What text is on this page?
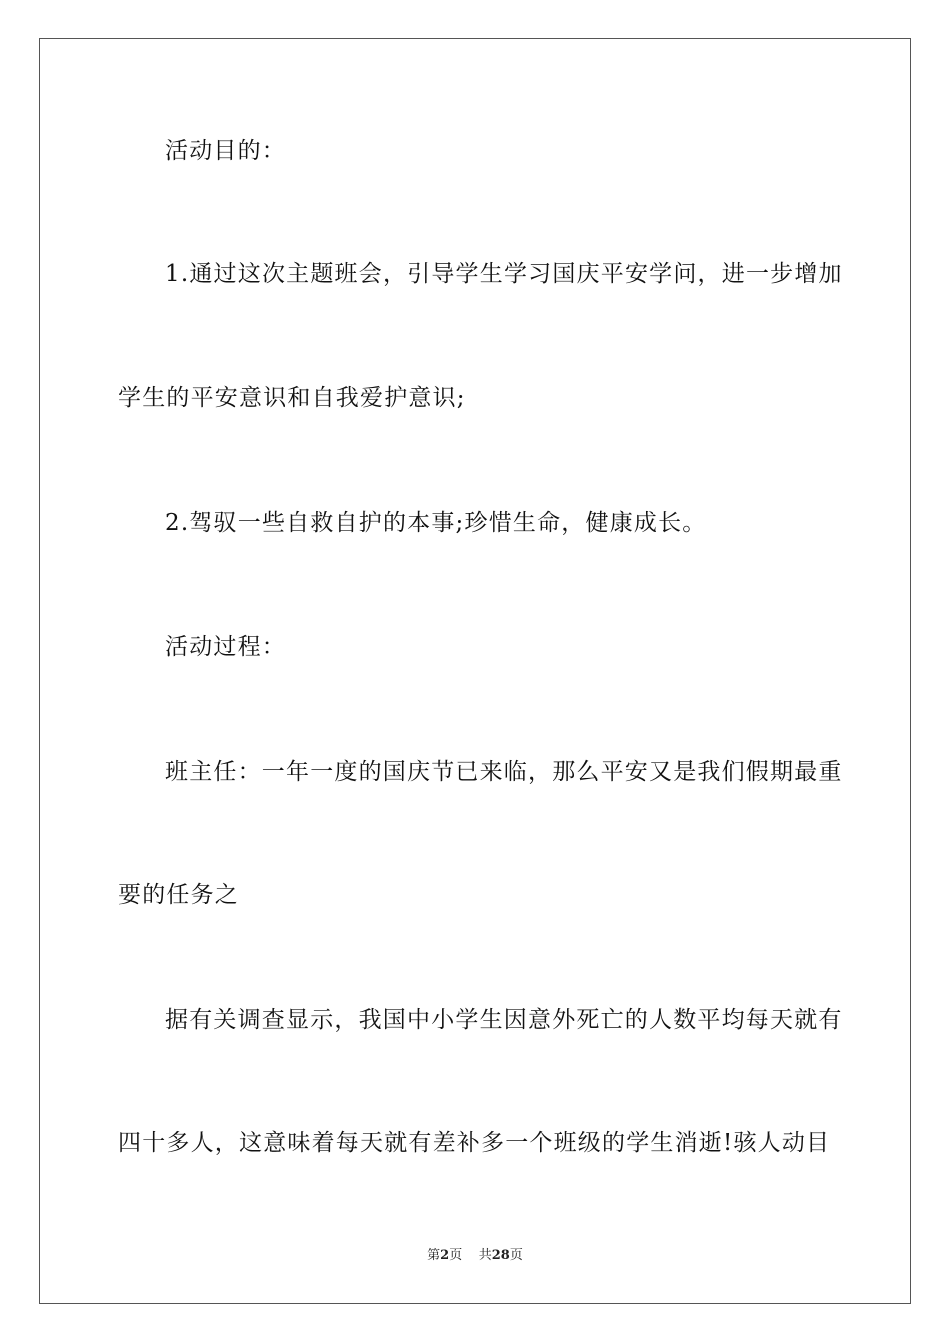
活动目的：
1.通过这次主题班会，引导学生学习国庆平安学问，进一步增加
学生的平安意识和自我爱护意识;
2.驾驭一些自救自护的本事;珍惜生命，健康成长。
活动过程：
班主任：一年一度的国庆节已来临，那么平安又是我们假期最重
要的任务之
据有关调查显示，我国中小学生因意外死亡的人数平均每天就有
四十多人，这意味着每天就有差补多一个班级的学生消逝!骇人动目
第2页 共28页
